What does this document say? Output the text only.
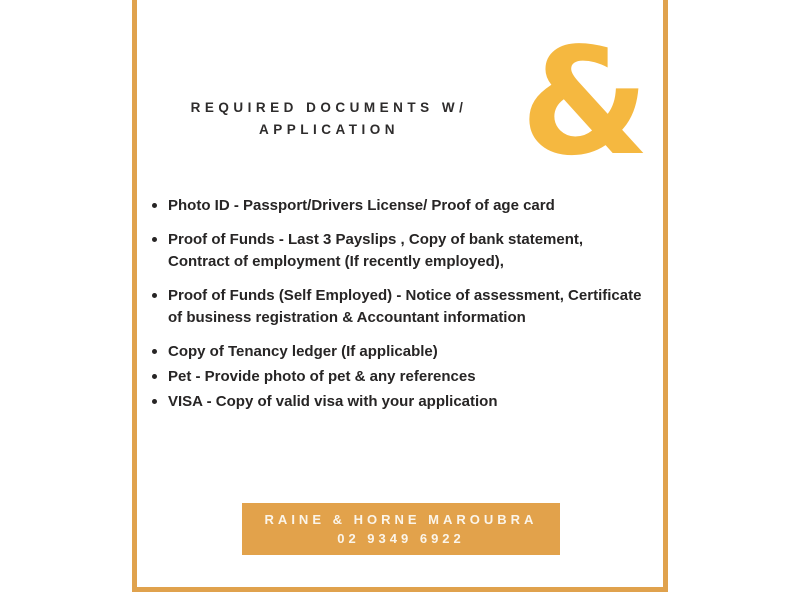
&
REQUIRED DOCUMENTS W/
APPLICATION
Photo ID - Passport/Drivers License/ Proof of age card
Proof of Funds - Last 3 Payslips , Copy of bank statement, Contract of employment (If recently employed),
Proof of Funds (Self Employed) - Notice of assessment, Certificate of business registration & Accountant information
Copy of Tenancy ledger (If applicable)
Pet - Provide photo of pet & any references
VISA - Copy of valid visa with your application
RAINE & HORNE MAROUBRA
02 9349 6922
